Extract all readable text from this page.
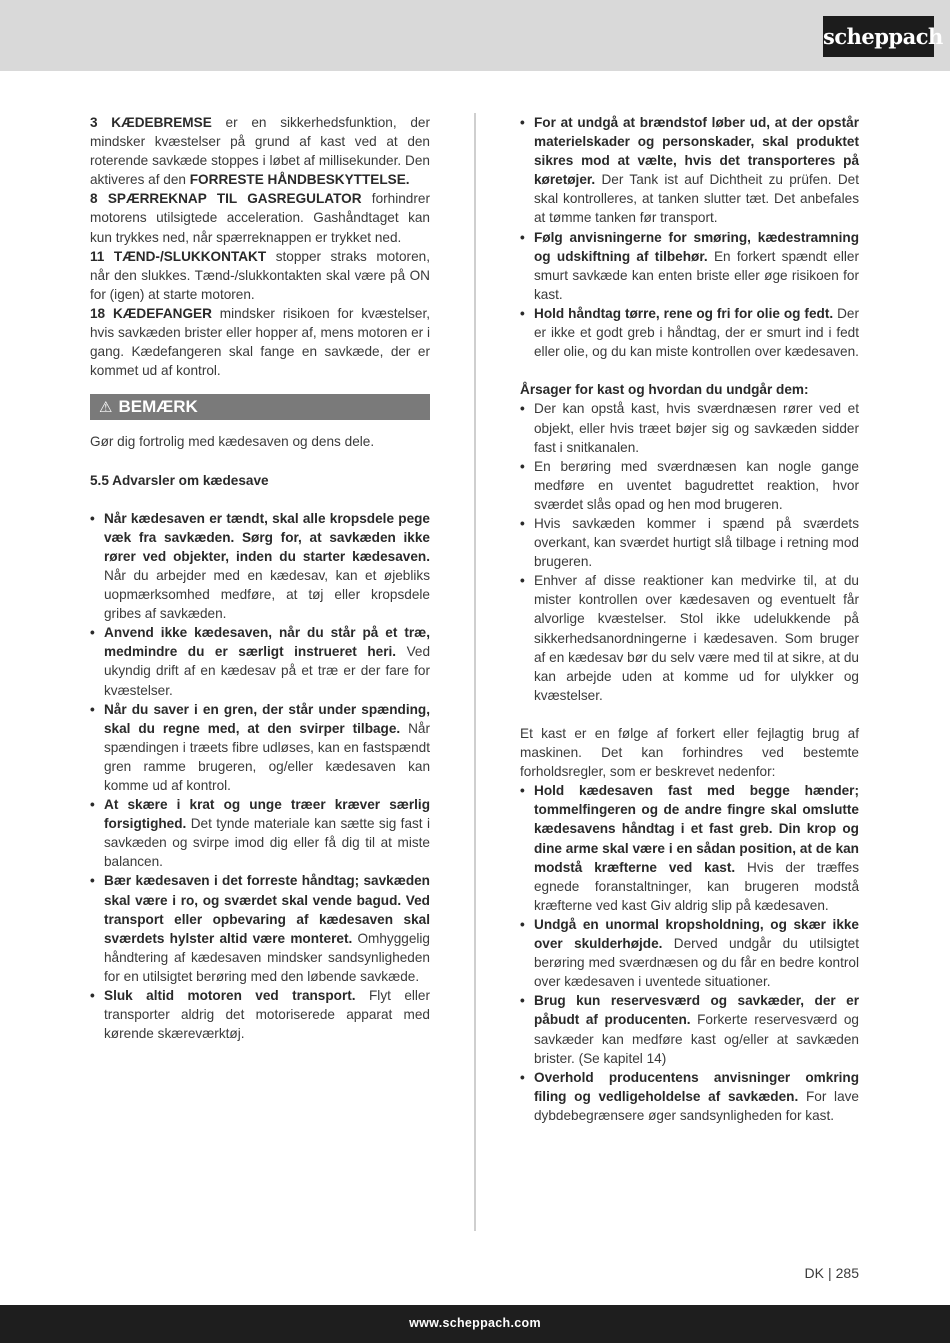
scheppach

3 KÆDEBREMSE er en sikkerhedsfunktion, der mindsker kvæstelser på grund af kast ved at den roterende savkæde stoppes i løbet af millisekunder. Den aktiveres af den FORRESTE HÅNDBESKYTTELSE.

8 SPÆRREKNAP TIL GASREGULATOR forhindrer motorens utilsigtede acceleration. Gashåndtaget kan kun trykkes ned, når spærreknappen er trykket ned.

11 TÆND-/SLUKKONTAKT stopper straks motoren, når den slukkes. Tænd-/slukkontakten skal være på ON for (igen) at starte motoren.

18 KÆDEFANGER mindsker risikoen for kvæstelser, hvis savkæden brister eller hopper af, mens motoren er i gang. Kædefangeren skal fange en savkæde, der er kommet ud af kontrol.

⚠ BEMÆRK

Gør dig fortrolig med kædesaven og dens dele.

5.5 Advarsler om kædesave

• Når kædesaven er tændt, skal alle kropsdele pege væk fra savkæden. Sørg for, at savkæden ikke rører ved objekter, inden du starter kædesaven. Når du arbejder med en kædesav, kan et øjebliks uopmærksomhed medføre, at tøj eller kropsdele gribes af savkæden.
• Anvend ikke kædesaven, når du står på et træ, medmindre du er særligt instrueret heri. Ved ukyndig drift af en kædesav på et træ er der fare for kvæstelser.
• Når du saver i en gren, der står under spænding, skal du regne med, at den svirper tilbage. Når spændingen i træets fibre udløses, kan en fastspændt gren ramme brugeren, og/eller kædesaven kan komme ud af kontrol.
• At skære i krat og unge træer kræver særlig forsigtighed. Det tynde materiale kan sætte sig fast i savkæden og svirpe imod dig eller få dig til at miste balancen.
• Bær kædesaven i det forreste håndtag; savkæden skal være i ro, og sværdet skal vende bagud. Ved transport eller opbevaring af kædesaven skal sværdets hylster altid være monteret. Omhyggelig håndtering af kædesaven mindsker sandsynligheden for en utilsigtet berøring med den løbende savkæde.
• Sluk altid motoren ved transport. Flyt eller transporter aldrig det motoriserede apparat med kørende skæreværktøj.
• For at undgå at brændstof løber ud, at der opstår materielskader og personskader, skal produktet sikres mod at vælte, hvis det transporteres på køretøjer. Der Tank ist auf Dichtheit zu prüfen. Det skal kontrolleres, at tanken slutter tæt. Det anbefales at tømme tanken før transport.
• Følg anvisningerne for smøring, kædestramning og udskiftning af tilbehør. En forkert spændt eller smurt savkæde kan enten briste eller øge risikoen for kast.
• Hold håndtag tørre, rene og fri for olie og fedt. Der er ikke et godt greb i håndtag, der er smurt ind i fedt eller olie, og du kan miste kontrollen over kædesaven.

Årsager for kast og hvordan du undgår dem:

• Der kan opstå kast, hvis sværdnæsen rører ved et objekt, eller hvis træet bøjer sig og savkæden sidder fast i snitkanalen.
• En berøring med sværdnæsen kan nogle gange medføre en uventet bagudrettet reaktion, hvor sværdet slås opad og hen mod brugeren.
• Hvis savkæden kommer i spænd på sværdets overkant, kan sværdet hurtigt slå tilbage i retning mod brugeren.
• Enhver af disse reaktioner kan medvirke til, at du mister kontrollen over kædesaven og eventuelt får alvorlige kvæstelser. Stol ikke udelukkende på sikkerhedsanordningerne i kædesaven. Som bruger af en kædesav bør du selv være med til at sikre, at du kan arbejde uden at komme ud for ulykker og kvæstelser.

Et kast er en følge af forkert eller fejlagtig brug af maskinen. Det kan forhindres ved bestemte forholdsregler, som er beskrevet nedenfor:

• Hold kædesaven fast med begge hænder; tommelfingeren og de andre fingre skal omslutte kædesavens håndtag i et fast greb. Din krop og dine arme skal være i en sådan position, at de kan modstå kræfterne ved kast. Hvis der træffes egnede foranstaltninger, kan brugeren modstå kræfterne ved kast Giv aldrig slip på kædesaven.
• Undgå en unormal kropsholdning, og skær ikke over skulderhøjde. Derved undgår du utilsigtet berøring med sværdnæsen og du får en bedre kontrol over kædesaven i uventede situationer.
• Brug kun reservesværd og savkæder, der er påbudt af producenten. Forkerte reservesværd og savkæder kan medføre kast og/eller at savkæden brister. (Se kapitel 14)
• Overhold producentens anvisninger omkring filing og vedligeholdelse af savkæden. For lave dybdebegrænsere øger sandsynligheden for kast.
DK | 285
www.scheppach.com
